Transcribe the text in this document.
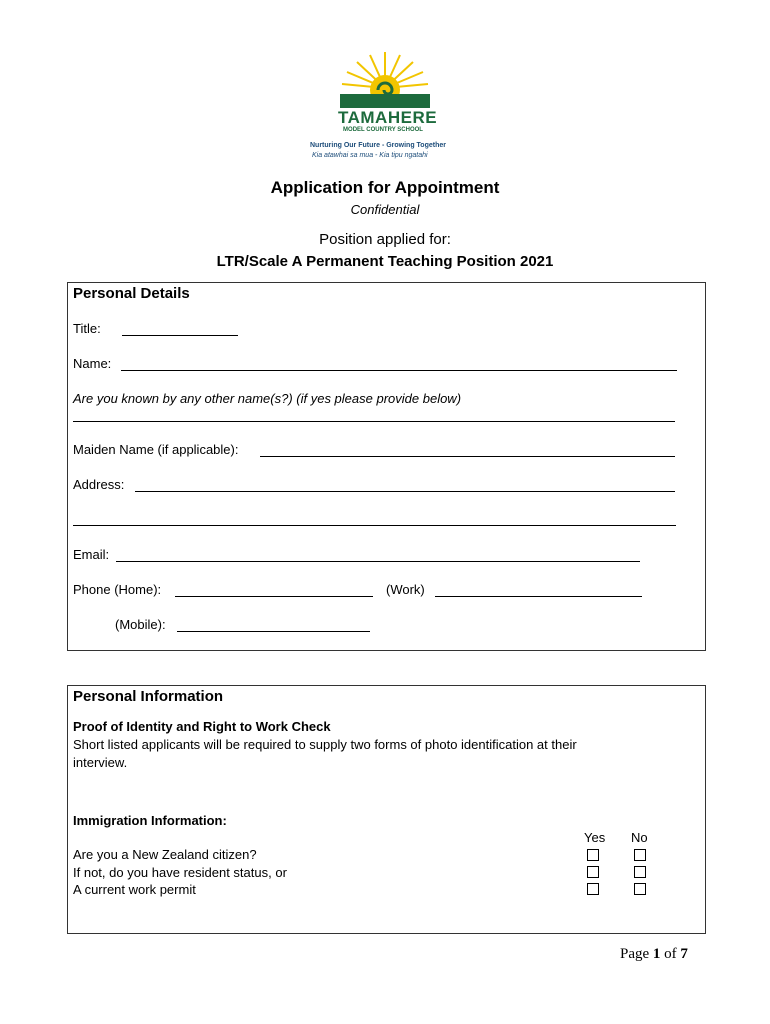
TAMAHERE
MODEL COUNTRY SCHOOL
Nurturing Our Future - Growing Together
Kia atawhai sa mua - Kia tipu ngatahi
Application for Appointment
Confidential
Position applied for:
LTR/Scale A Permanent Teaching Position 2021
Personal Details
Title:
Name:
Are you known by any other name(s?) (if yes please provide below)
Maiden Name (if applicable):
Address:
Email:
Phone (Home):	(Work)
(Mobile):
Personal Information
Proof of Identity and Right to Work Check
Short listed applicants will be required to supply two forms of photo identification at their
interview.
Immigration Information:
Yes No
Are you a New Zealand citizen?
If not, do you have resident status, or
A current work permit
Page 1 of 7
